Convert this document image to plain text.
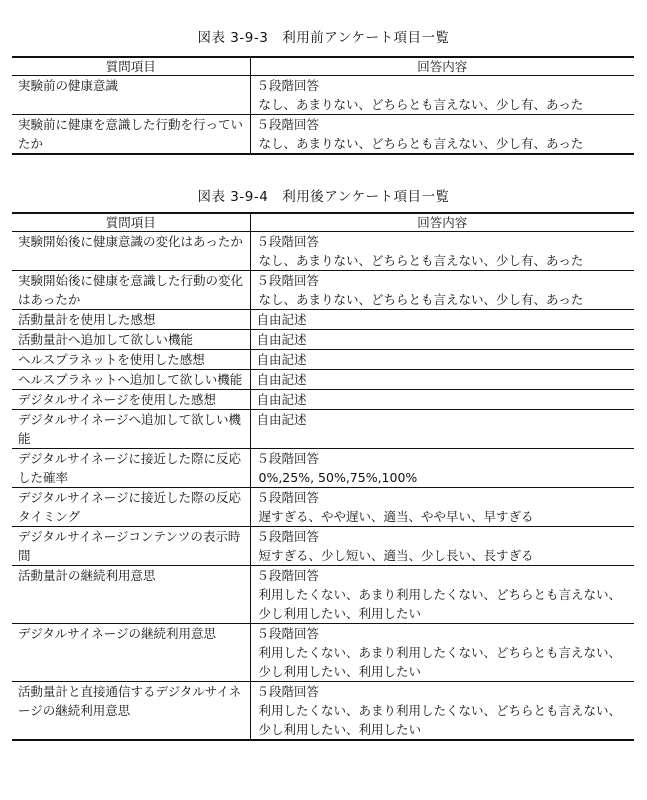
図表 3-9-3　利用前アンケート項目一覧
質問項目	回答内容
実験前の健康意識	５段階回答
なし、あまりない、どちらとも言えない、少し有、あった

実験前に健康を意識した行動を行っていたか	５段階回答
なし、あまりない、どちらとも言えない、少し有、あった
図表 3-9-4　利用後アンケート項目一覧
質問項目	回答内容
実験開始後に健康意識の変化はあったか	５段階回答
なし、あまりない、どちらとも言えない、少し有、あった

実験開始後に健康を意識した行動の変化はあったか	５段階回答
なし、あまりない、どちらとも言えない、少し有、あった

活動量計を使用した感想	自由記述

活動量計へ追加して欲しい機能	自由記述

ヘルスプラネットを使用した感想	自由記述

ヘルスプラネットへ追加して欲しい機能	自由記述

デジタルサイネージを使用した感想	自由記述

デジタルサイネージへ追加して欲しい機能	自由記述

デジタルサイネージに接近した際に反応した確率	５段階回答
0%,25%, 50%,75%,100%

デジタルサイネージに接近した際の反応タイミング	５段階回答
遅すぎる、やや遅い、適当、やや早い、早すぎる

デジタルサイネージコンテンツの表示時間	５段階回答
短すぎる、少し短い、適当、少し長い、長すぎる

活動量計の継続利用意思	５段階回答
利用したくない、あまり利用したくない、どちらとも言えない、少し利用したい、利用したい

デジタルサイネージの継続利用意思	５段階回答
利用したくない、あまり利用したくない、どちらとも言えない、少し利用したい、利用したい

活動量計と直接通信するデジタルサイネージの継続利用意思	５段階回答
利用したくない、あまり利用したくない、どちらとも言えない、少し利用したい、利用したい
